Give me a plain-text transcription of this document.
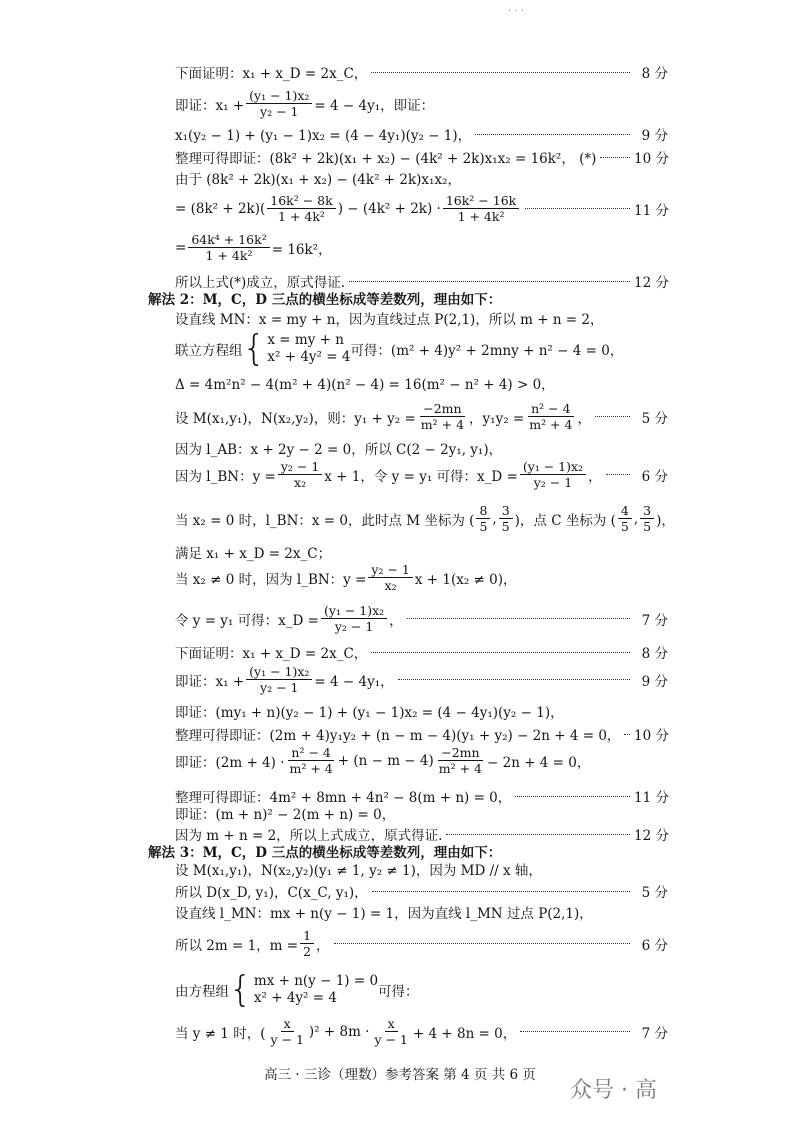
· · ·
下面证明：x₁ + x_D = 2x_C，	8 分
即证：$x_1 + \frac{\text{(y₁ − 1)x₂}}{\text{y₂ − 1}} = 4 - 4y_1$，即证：
x₁(y₂ − 1) + (y₁ − 1)x₂ = (4 − 4y₁)(y₂ − 1)，	9 分
整理可得即证：(8k² + 2k)(x₁ + x₂) − (4k² + 2k)x₁x₂ = 16k²， (*)	10 分
由于 (8k² + 2k)(x₁ + x₂) − (4k² + 2k)x₁x₂，
= $(8k^2 + 2k)( \frac{\text{16k² − 8k}}{\text{1 + 4k²}}$ ) − $(4k^2 + 2k) \cdot \frac{\text{16k² − 16k}}{\text{1 + 4k²}}$	11 分
= $\frac{\text{64k⁴ + 16k²}}{\text{1 + 4k²}} = 16k^2$，
所以上式(*)成立，原式得证.	12 分
解法 2：M，C，D 三点的横坐标成等差数列，理由如下：
设直线 MN：x = my + n，因为直线过点 P(2,1)，所以 m + n = 2，
联立方程组 { x = my + n
x² + 4y² = 4 可得：(m² + 4)y² + 2mny + n² − 4 = 0，
Δ = 4m²n² − 4(m² + 4)(n² − 4) = 16(m² − n² + 4) > 0，
设 M(x₁,y₁)，N(x₂,y₂)，则：$y_1 + y_2 = \frac{-2mn}{\text{m² + 4}}$ ，$y_1y_2 = \frac{\text{n² − 4}}{\text{m² + 4}}$ ，	5 分
因为 l_AB：x + 2y − 2 = 0，所以 C(2 − 2y₁, y₁)，
因为 l_BN：$y = \frac{\text{y₂ − 1}}{\text{x₂}}$ x + 1，令 y = y₁ 可得：x_D = $\frac{\text{(y₁ − 1)x₂}}{\text{y₂ − 1}}$ ，	6 分
当 x₂ = 0 时，l_BN：x = 0，此时点 M 坐标为 ( $\frac{8}{5}$ , $\frac{3}{5}$ )，点 C 坐标为 ( $\frac{4}{5}$ , $\frac{3}{5}$ )，
满足 x₁ + x_D = 2x_C；
当 x₂ ≠ 0 时，因为 l_BN：$y = \frac{\text{y₂ − 1}}{\text{x₂}}$ x + 1(x₂ ≠ 0)，
令 y = y₁ 可得：x_D = $\frac{\text{(y₁ − 1)x₂}}{\text{y₂ − 1}}$ ，	7 分
下面证明：x₁ + x_D = 2x_C，	8 分
即证：$x_1 + \frac{\text{(y₁ − 1)x₂}}{\text{y₂ − 1}} = 4 - 4y_1$，	9 分
即证：(my₁ + n)(y₂ − 1) + (y₁ − 1)x₂ = (4 − 4y₁)(y₂ − 1)，
整理可得即证：(2m + 4)y₁y₂ + (n − m − 4)(y₁ + y₂) − 2n + 4 = 0， 10 分
即证：$(2m + 4) \cdot \frac{\text{n² − 4}}{\text{m² + 4}} + (n - m - 4) \frac{-2mn}{\text{m² + 4}} - 2n + 4 = 0$，
整理可得即证：4m² + 8mn + 4n² − 8(m + n) = 0，	11 分
即证：(m + n)² − 2(m + n) = 0，
因为 m + n = 2，所以上式成立，原式得证.	12 分
解法 3：M，C，D 三点的横坐标成等差数列，理由如下：
设 M(x₁,y₁)，N(x₂,y₂)(y₁ ≠ 1, y₂ ≠ 1)，因为 MD // x 轴，
所以 D(x_D, y₁)，C(x_C, y₁)，	5 分
设直线 l_MN：mx + n(y − 1) = 1，因为直线 l_MN 过点 P(2,1)，
所以 2m = 1，$m = \frac{1}{2}$ ，	6 分
由方程组 { mx + n(y − 1) = 0
x² + 4y² = 4	可得：
当 y ≠ 1 时，( $\frac{x}{y - 1} )^2 + 8m \cdot \frac{x}{y - 1} + 4 + 8n = 0$，	7 分
高三 · 三诊（理数）参考答案 第 4 页 共 6 页
众号 · 高
